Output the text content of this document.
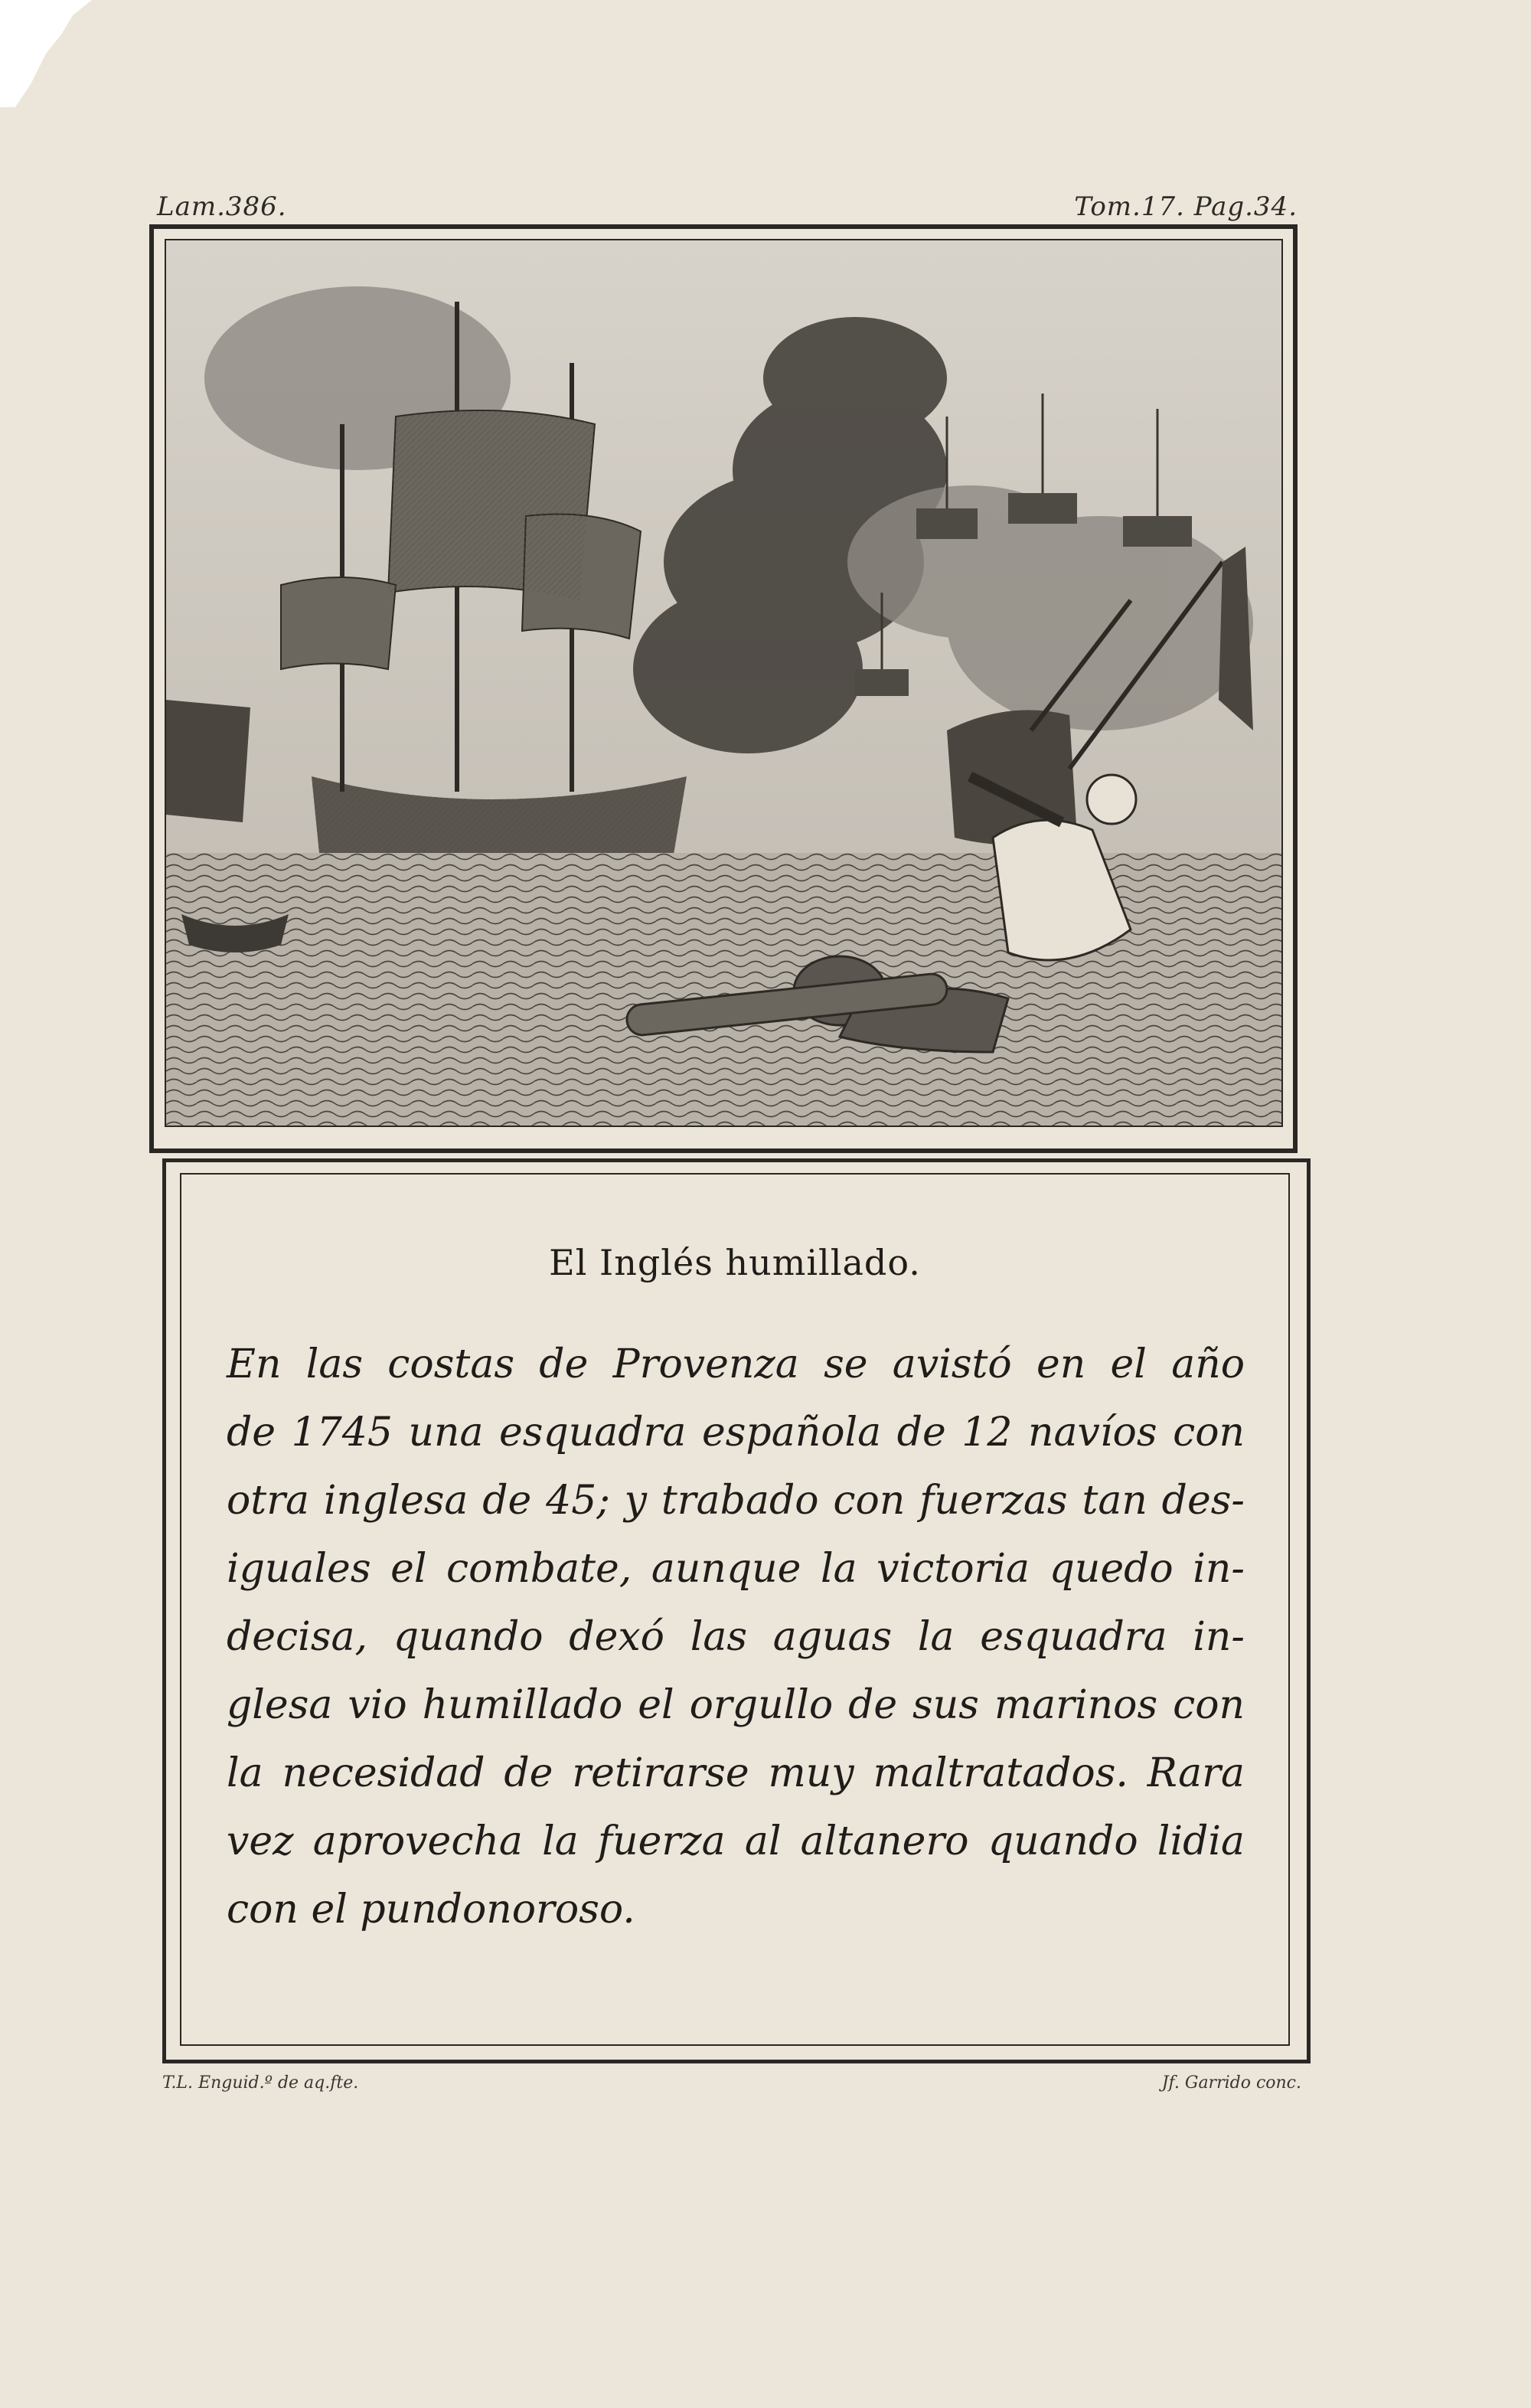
Lam.386.	Tom.17. Pag.34.
El Inglés humillado.
En las costas de Provenza se avistó en el año
de 1745 una esquadra española de 12 navíos con
otra inglesa de 45; y trabado con fuerzas tan des-
iguales el combate, aunque la victoria quedo in-
decisa, quando dexó las aguas la esquadra in-
glesa vio humillado el orgullo de sus marinos con
la necesidad de retirarse muy maltratados. Rara
vez aprovecha la fuerza al altanero quando lidia
con el pundonoroso.
T.L. Enguid.º de aq.fte.	Jf. Garrido conc.
